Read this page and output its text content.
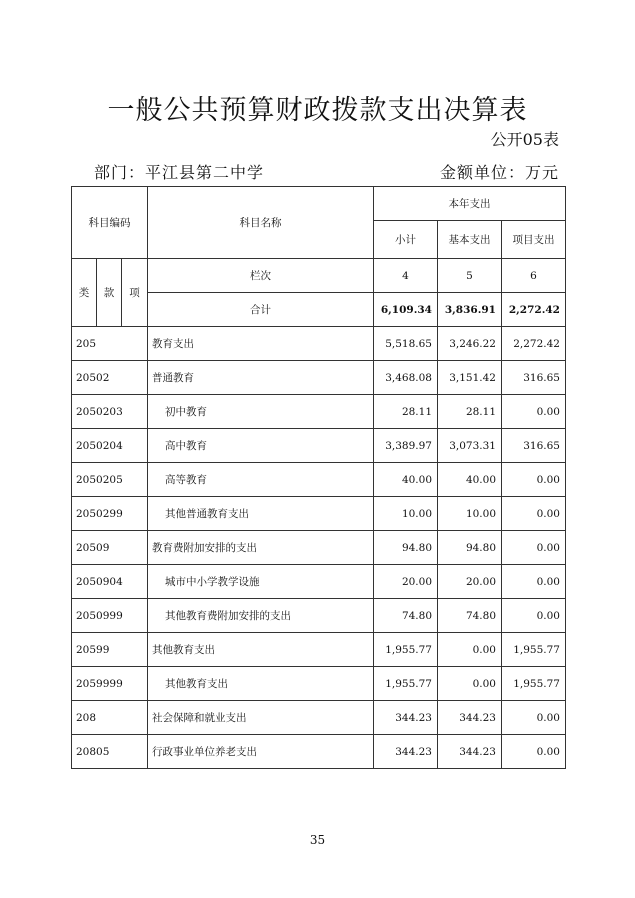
一般公共预算财政拨款支出决算表
公开05表
部门：平江县第二中学	金额单位：万元
科目编码			科目名称	本年支出		
				小计	基本支出	项目支出
类	款	项	栏次	4	5	6
			合计	6,109.34	3,836.91	2,272.42
205			教育支出	5,518.65	3,246.22	2,272.42
20502			普通教育	3,468.08	3,151.42	316.65
2050203			初中教育	28.11	28.11	0.00
2050204			高中教育	3,389.97	3,073.31	316.65
2050205			高等教育	40.00	40.00	0.00
2050299			其他普通教育支出	10.00	10.00	0.00
20509			教育费附加安排的支出	94.80	94.80	0.00
2050904			城市中小学教学设施	20.00	20.00	0.00
2050999			其他教育费附加安排的支出	74.80	74.80	0.00
20599			其他教育支出	1,955.77	0.00	1,955.77
2059999			其他教育支出	1,955.77	0.00	1,955.77
208			社会保障和就业支出	344.23	344.23	0.00
20805			行政事业单位养老支出	344.23	344.23	0.00
35
